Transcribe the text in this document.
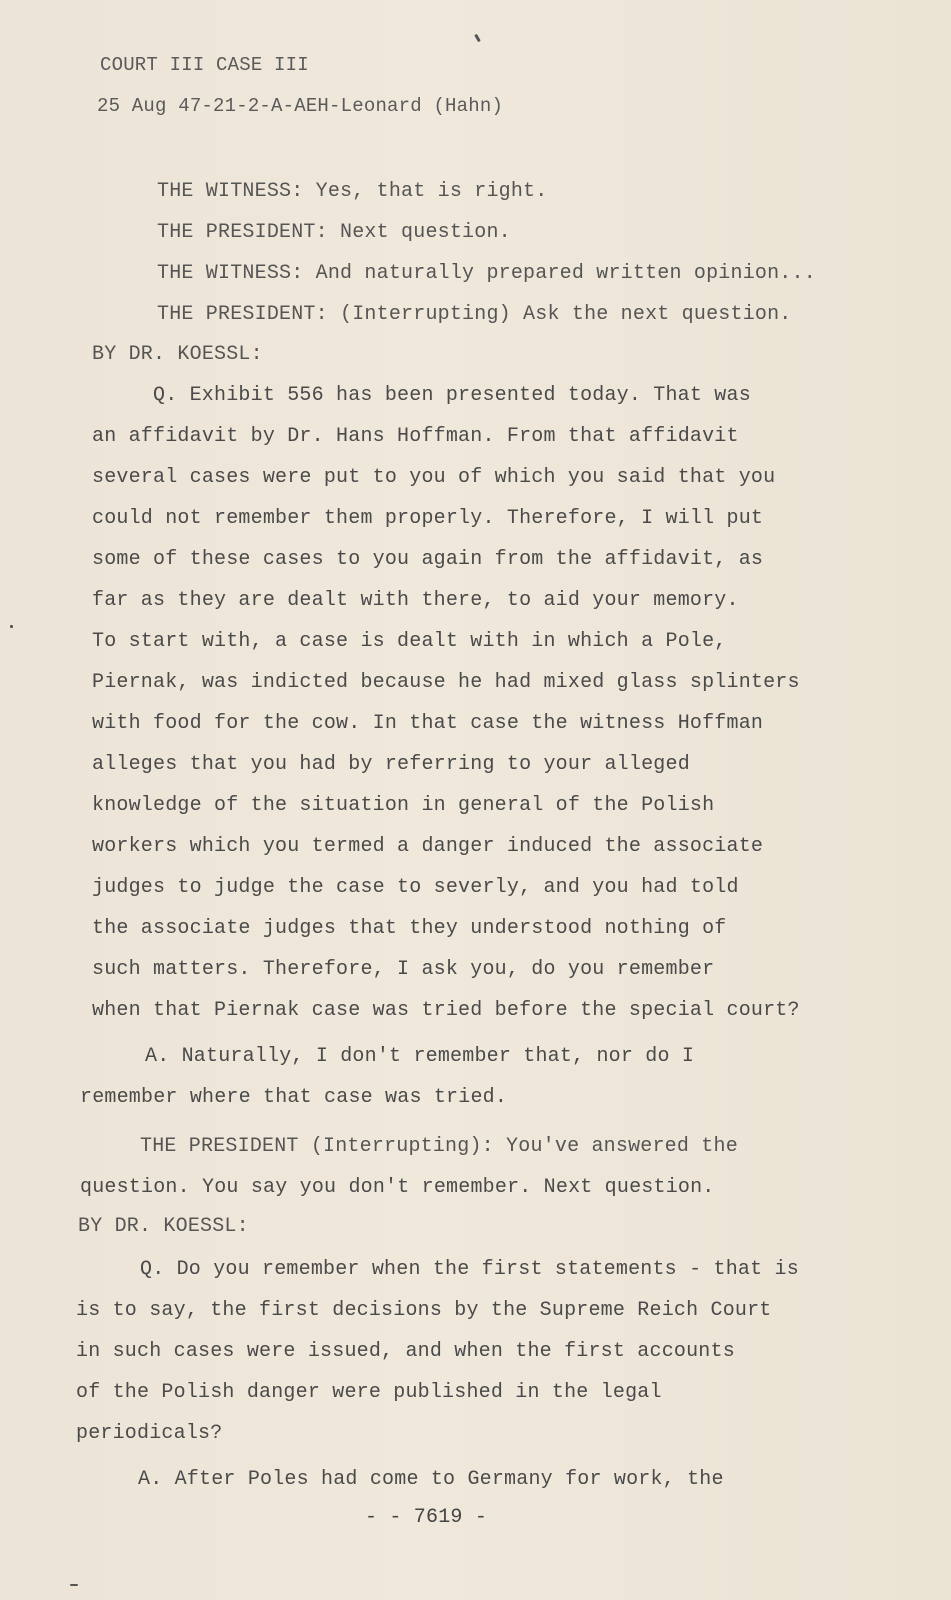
COURT III CASE III
25 Aug 47-21-2-A-AEH-Leonard (Hahn)
THE WITNESS: Yes, that is right.
THE PRESIDENT: Next question.
THE WITNESS: And naturally prepared written opinion...
THE PRESIDENT: (Interrupting) Ask the next question.
BY DR. KOESSL:
Q. Exhibit 556 has been presented today. That was
an affidavit by Dr. Hans Hoffman. From that affidavit
several cases were put to you of which you said that you
could not remember them properly. Therefore, I will put
some of these cases to you again from the affidavit, as
far as they are dealt with there, to aid your memory.
To start with, a case is dealt with in which a Pole,
Piernak, was indicted because he had mixed glass splinters
with food for the cow. In that case the witness Hoffman
alleges that you had by referring to your alleged
knowledge of the situation in general of the Polish
workers which you termed a danger induced the associate
judges to judge the case to severly, and you had told
the associate judges that they understood nothing of
such matters. Therefore, I ask you, do you remember
when that Piernak case was tried before the special court?
A. Naturally, I don't remember that, nor do I
remember where that case was tried.
THE PRESIDENT (Interrupting): You've answered the
question. You say you don't remember. Next question.
BY DR. KOESSL:
Q. Do you remember when the first statements - that is
is to say, the first decisions by the Supreme Reich Court
in such cases were issued, and when the first accounts
of the Polish danger were published in the legal
periodicals?
A. After Poles had come to Germany for work, the
- - 7619 -
